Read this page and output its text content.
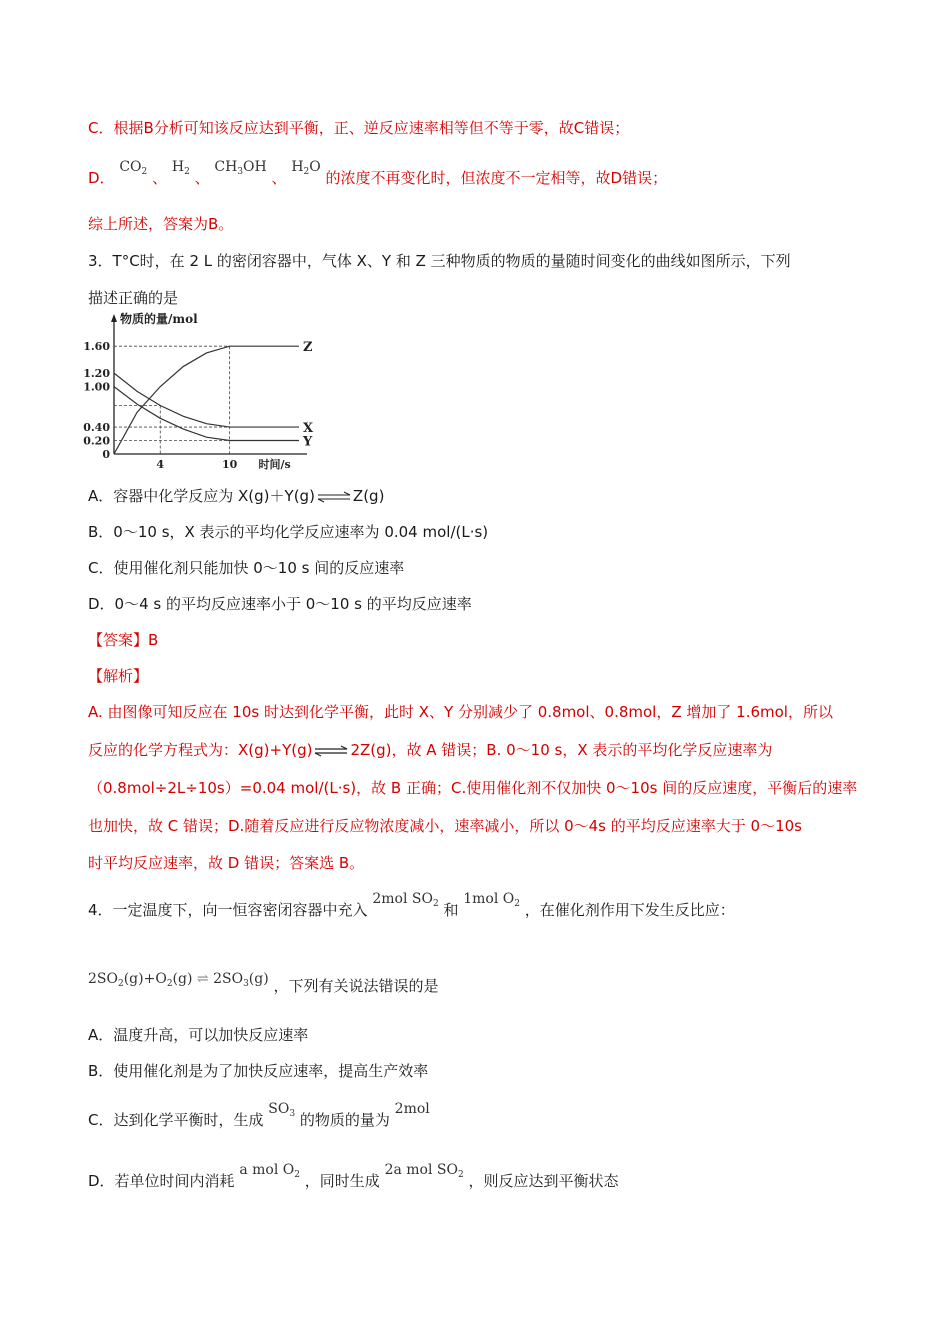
C．根据B分析可知该反应达到平衡，正、逆反应速率相等但不等于零，故C错误；
D． $CO_2$ 、 $H_2$ 、 $CH_3OH$ 、 $H_2O$ 的浓度不再变化时，但浓度不一定相等，故D错误；
综上所述，答案为B。
3．T°C时，在 2 L 的密闭容器中，气体 X、Y 和 Z 三种物质的物质的量随时间变化的曲线如图所示，下列
描述正确的是
物质的量/mol
时间/s
1.60
1.20
1.00
0.40
0.20
0
4	10
Z
X
Y
A．容器中化学反应为 X(g)＋Y(g) ⇌ Z(g)
B．0～10 s，X 表示的平均化学反应速率为 0.04 mol/(L·s)
C．使用催化剂只能加快 0～10 s 间的反应速率
D．0～4 s 的平均反应速率小于 0～10 s 的平均反应速率
【答案】B
【解析】
A. 由图像可知反应在 10s 时达到化学平衡，此时 X、Y 分别减少了 0.8mol、0.8mol，Z 增加了 1.6mol，所以
反应的化学方程式为：X(g)+Y(g) ⇌ 2Z(g)，故 A 错误；B. 0～10 s，X 表示的平均化学反应速率为
（0.8mol÷2L÷10s）=0.04 mol/(L·s)，故 B 正确；C.使用催化剂不仅加快 0～10s 间的反应速度，平衡后的速率
也加快，故 C 错误；D.随着反应进行反应物浓度减小，速率减小，所以 0～4s 的平均反应速率大于 0～10s
时平均反应速率，故 D 错误；答案选 B。
4．一定温度下，向一恒容密闭容器中充入 2mol $SO_2$ 和 1mol $O_2$ ，在催化剂作用下发生反比应：
$2SO_2(g)+O_2(g)$ ⇌ $2SO_3(g)$ ，下列有关说法错误的是
A．温度升高，可以加快反应速率
B．使用催化剂是为了加快反应速率，提高生产效率
C．达到化学平衡时，生成 $SO_3$ 的物质的量为 2mol
D．若单位时间内消耗 a mol $O_2$ ，同时生成 2a mol $SO_2$ ，则反应达到平衡状态
